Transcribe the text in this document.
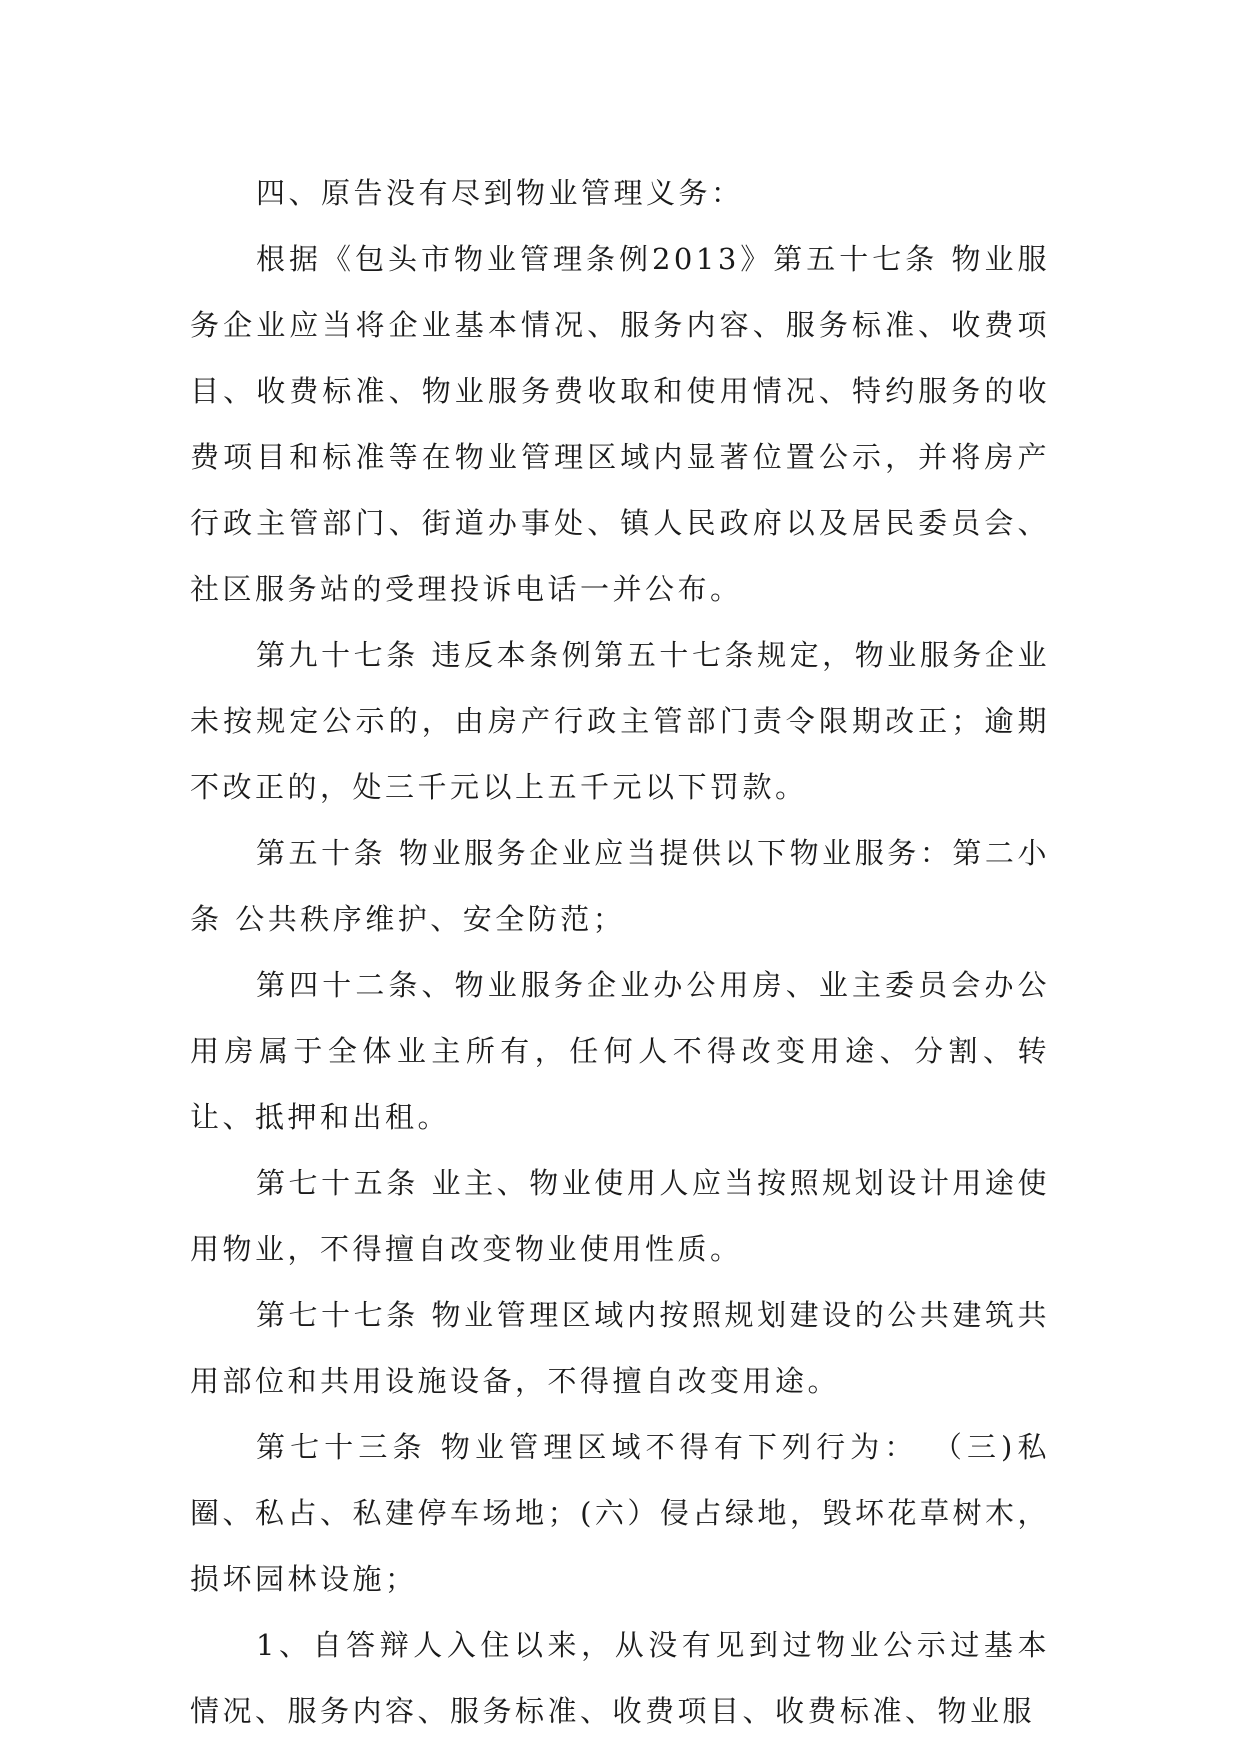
四、原告没有尽到物业管理义务：

根据《包头市物业管理条例2013》第五十七条 物业服务企业应当将企业基本情况、服务内容、服务标准、收费项目、收费标准、物业服务费收取和使用情况、特约服务的收费项目和标准等在物业管理区域内显著位置公示，并将房产行政主管部门、街道办事处、镇人民政府以及居民委员会、社区服务站的受理投诉电话一并公布。

第九十七条 违反本条例第五十七条规定，物业服务企业未按规定公示的，由房产行政主管部门责令限期改正；逾期不改正的，处三千元以上五千元以下罚款。

第五十条 物业服务企业应当提供以下物业服务：第二小条 公共秩序维护、安全防范；

第四十二条、物业服务企业办公用房、业主委员会办公用房属于全体业主所有，任何人不得改变用途、分割、转让、抵押和出租。

第七十五条 业主、物业使用人应当按照规划设计用途使用物业，不得擅自改变物业使用性质。

第七十七条 物业管理区域内按照规划建设的公共建筑共用部位和共用设施设备，不得擅自改变用途。

第七十三条 物业管理区域不得有下列行为： （三)私圈、私占、私建停车场地；(六）侵占绿地，毁坏花草树木，损坏园林设施；

1、自答辩人入住以来，从没有见到过物业公示过基本情况、服务内容、服务标准、收费项目、收费标准、物业服
